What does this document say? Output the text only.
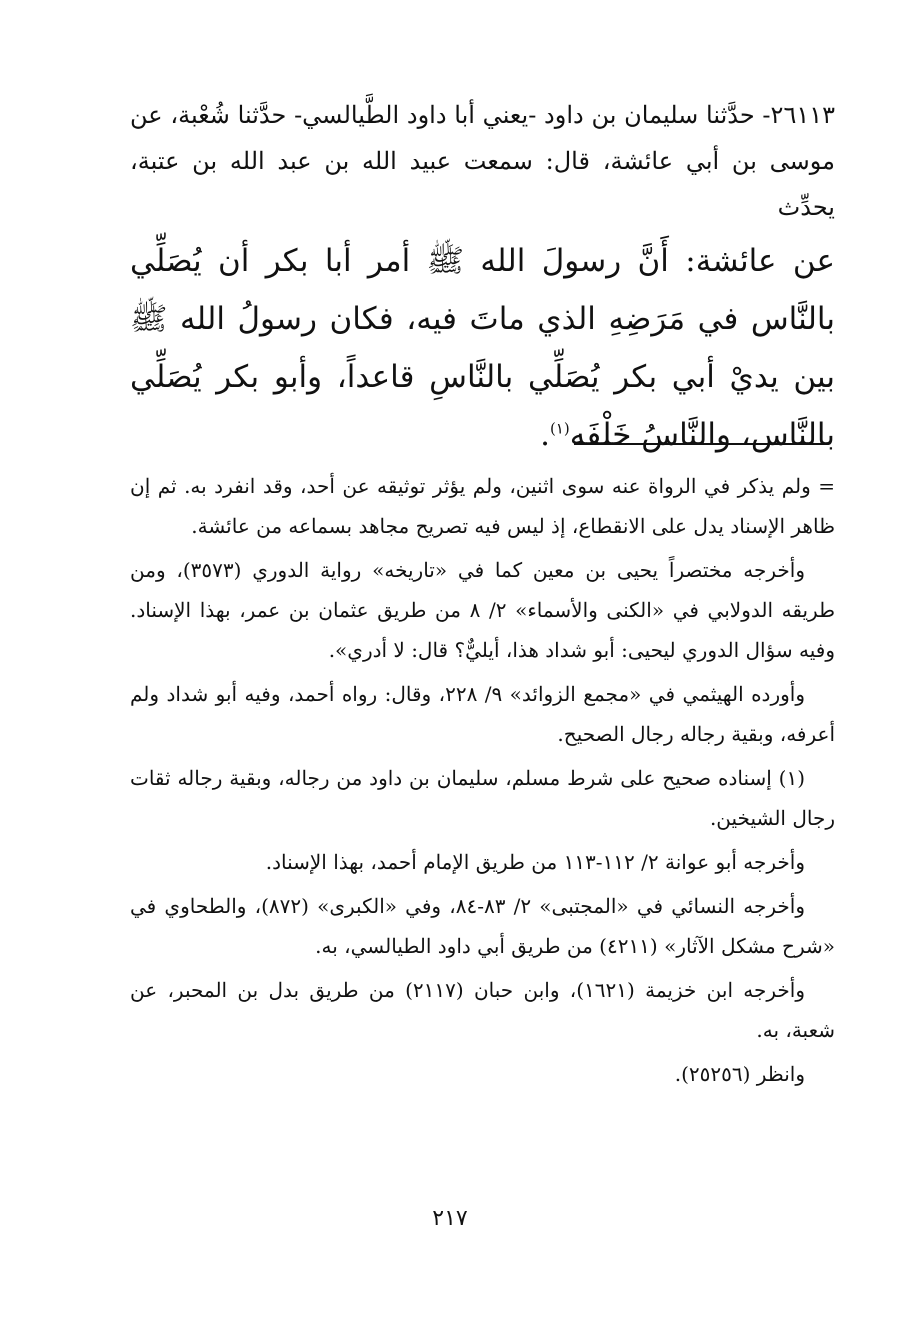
٢٦١١٣- حدَّثنا سليمان بن داود -يعني أبا داود الطَّيالسي- حدَّثنا شُعْبة، عن موسى بن أبي عائشة، قال: سمعت عبيد الله بن عبد الله بن عتبة، يحدِّث
عن عائشة: أَنَّ رسولَ الله ﷺ أمر أبا بكر أن يُصَلِّي بالنَّاس في مَرَضِهِ الذي ماتَ فيه، فكان رسولُ الله ﷺ بين يديْ أبي بكر يُصَلِّي بالنَّاسِ قاعداً، وأبو بكر يُصَلِّي بالنَّاس، والنَّاسُ خَلْفَه$^{(١)}$.

= ولم يذكر في الرواة عنه سوى اثنين، ولم يؤثر توثيقه عن أحد، وقد انفرد به. ثم إن ظاهر الإسناد يدل على الانقطاع، إذ ليس فيه تصريح مجاهد بسماعه من عائشة.

وأخرجه مختصراً يحيى بن معين كما في «تاريخه» رواية الدوري (٣٥٧٣)، ومن طريقه الدولابي في «الكنى والأسماء» ٢/ ٨ من طريق عثمان بن عمر، بهذا الإسناد. وفيه سؤال الدوري ليحيى: أبو شداد هذا، أيليٌّ؟ قال: لا أدري».

وأورده الهيثمي في «مجمع الزوائد» ٩/ ٢٢٨، وقال: رواه أحمد، وفيه أبو شداد ولم أعرفه، وبقية رجاله رجال الصحيح.

(١) إسناده صحيح على شرط مسلم، سليمان بن داود من رجاله، وبقية رجاله ثقات رجال الشيخين.

وأخرجه أبو عوانة ٢/ ١١٢-١١٣ من طريق الإمام أحمد، بهذا الإسناد.

وأخرجه النسائي في «المجتبى» ٢/ ٨٣-٨٤، وفي «الكبرى» (٨٧٢)، والطحاوي في «شرح مشكل الآثار» (٤٢١١) من طريق أبي داود الطيالسي، به.

وأخرجه ابن خزيمة (١٦٢١)، وابن حبان (٢١١٧) من طريق بدل بن المحبر، عن شعبة، به.

وانظر (٢٥٢٥٦).

٢١٧
